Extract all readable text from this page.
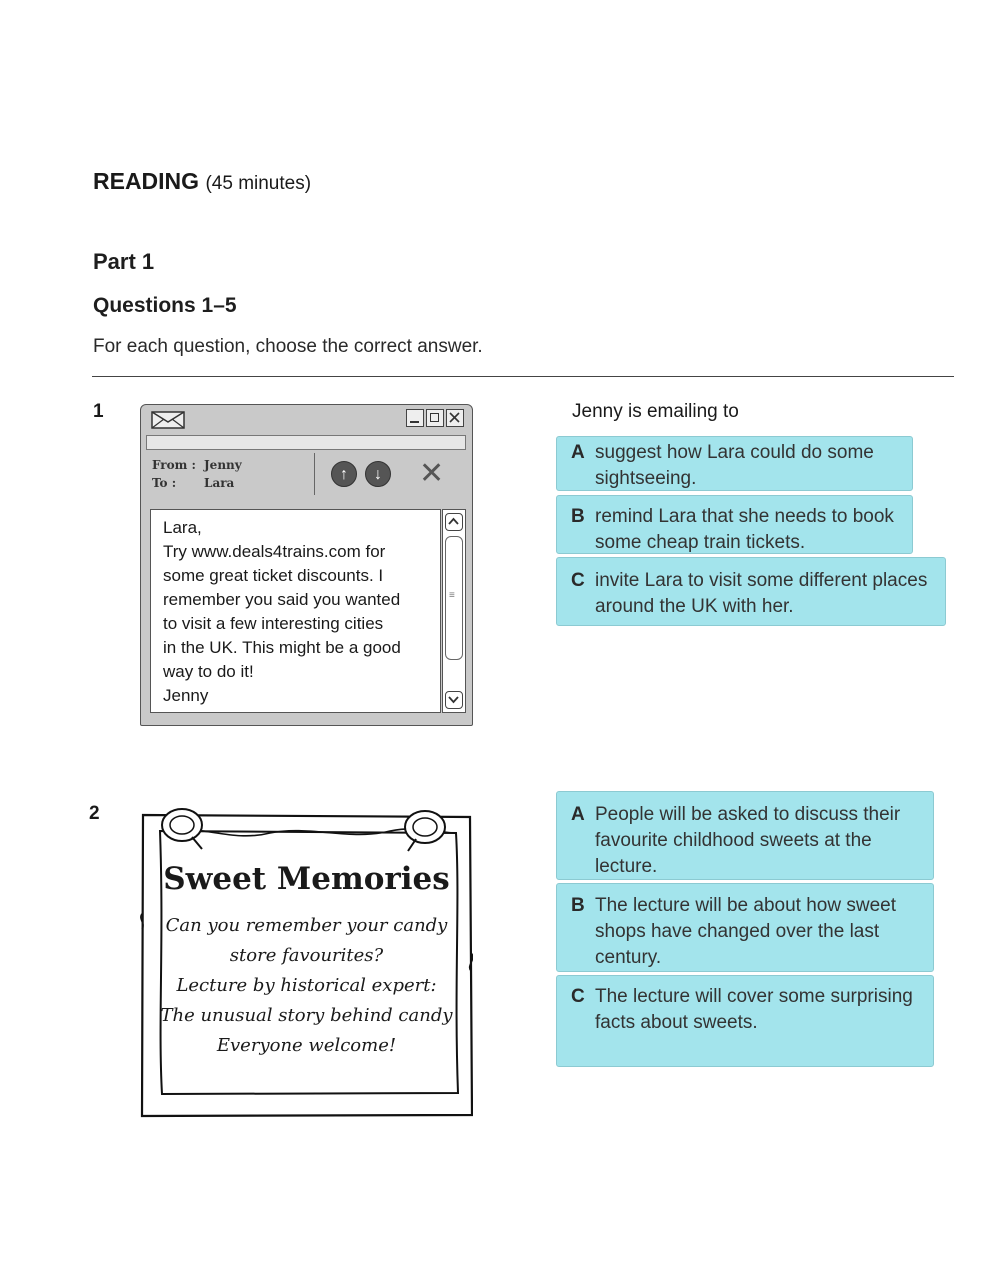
READING (45 minutes)
Part 1
Questions 1–5
For each question, choose the correct answer.
1
From : Jenny
To : Lara	↑	↓	✕
Lara,
Try www.deals4trains.com for
some great ticket discounts. I
remember you said you wanted
to visit a few interesting cities
in the UK. This might be a good
way to do it!
Jenny
≡
Jenny is emailing to
A suggest how Lara could do some
sightseeing.
B remind Lara that she needs to book
some cheap train tickets.
C invite Lara to visit some different places
around the UK with her.
2
Sweet Memories
Can you remember your candy
store favourites?
Lecture by historical expert:
The unusual story behind candy
Everyone welcome!
A People will be asked to discuss their
favourite childhood sweets at the
lecture.
B The lecture will be about how sweet
shops have changed over the last
century.
C The lecture will cover some surprising
facts about sweets.
